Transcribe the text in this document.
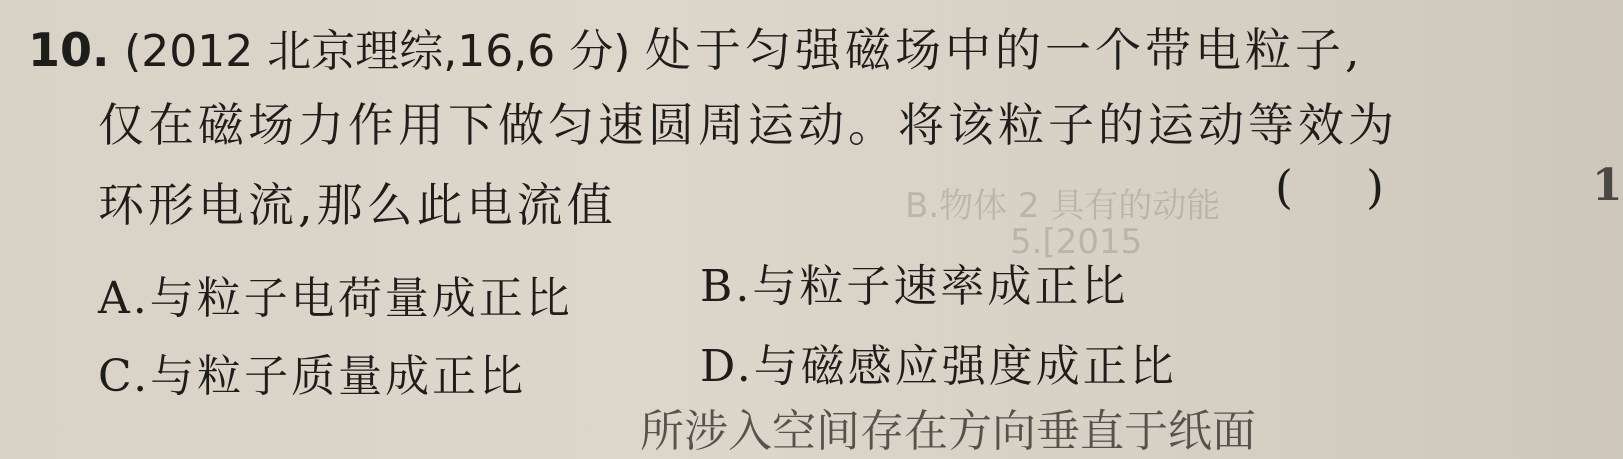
B.物体 2 具有的动能
5.[2015
10. (2012 北京理综,16,6 分) 处于匀强磁场中的一个带电粒子,
仅在磁场力作用下做匀速圆周运动。将该粒子的运动等效为
环形电流,那么此电流值	(     )
A.与粒子电荷量成正比	B.与粒子速率成正比
C.与粒子质量成正比	D.与磁感应强度成正比
所涉入空间存在方向垂直于纸面
1
